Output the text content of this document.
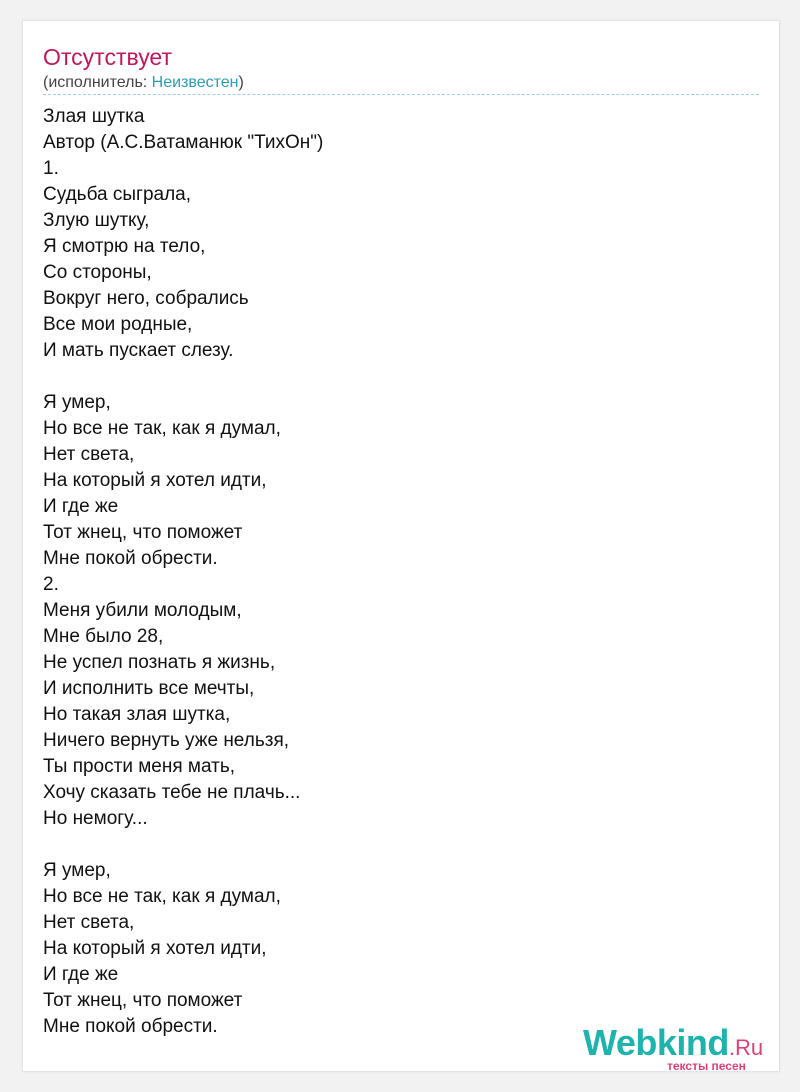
Отсутствует
(исполнитель: Неизвестен)
Злая шутка
Автор (А.С.Ватаманюк "ТихОн")
1.
Судьба сыграла,
Злую шутку,
Я смотрю на тело,
Со стороны,
Вокруг него, собрались
Все мои родные,
И мать пускает слезу.
Я умер,
Но все не так, как я думал,
Нет света,
На который я хотел идти,
И где же
Тот жнец, что поможет
Мне покой обрести.
2.
Меня убили молодым,
Мне было 28,
Не успел познать я жизнь,
И исполнить все мечты,
Но такая злая шутка,
Ничего вернуть уже нельзя,
Ты прости меня мать,
Хочу сказать тебе не плачь...
Но немогу...
Я умер,
Но все не так, как я думал,
Нет света,
На который я хотел идти,
И где же
Тот жнец, что поможет
Мне покой обрести.	Webkind.Ru
тексты песен
